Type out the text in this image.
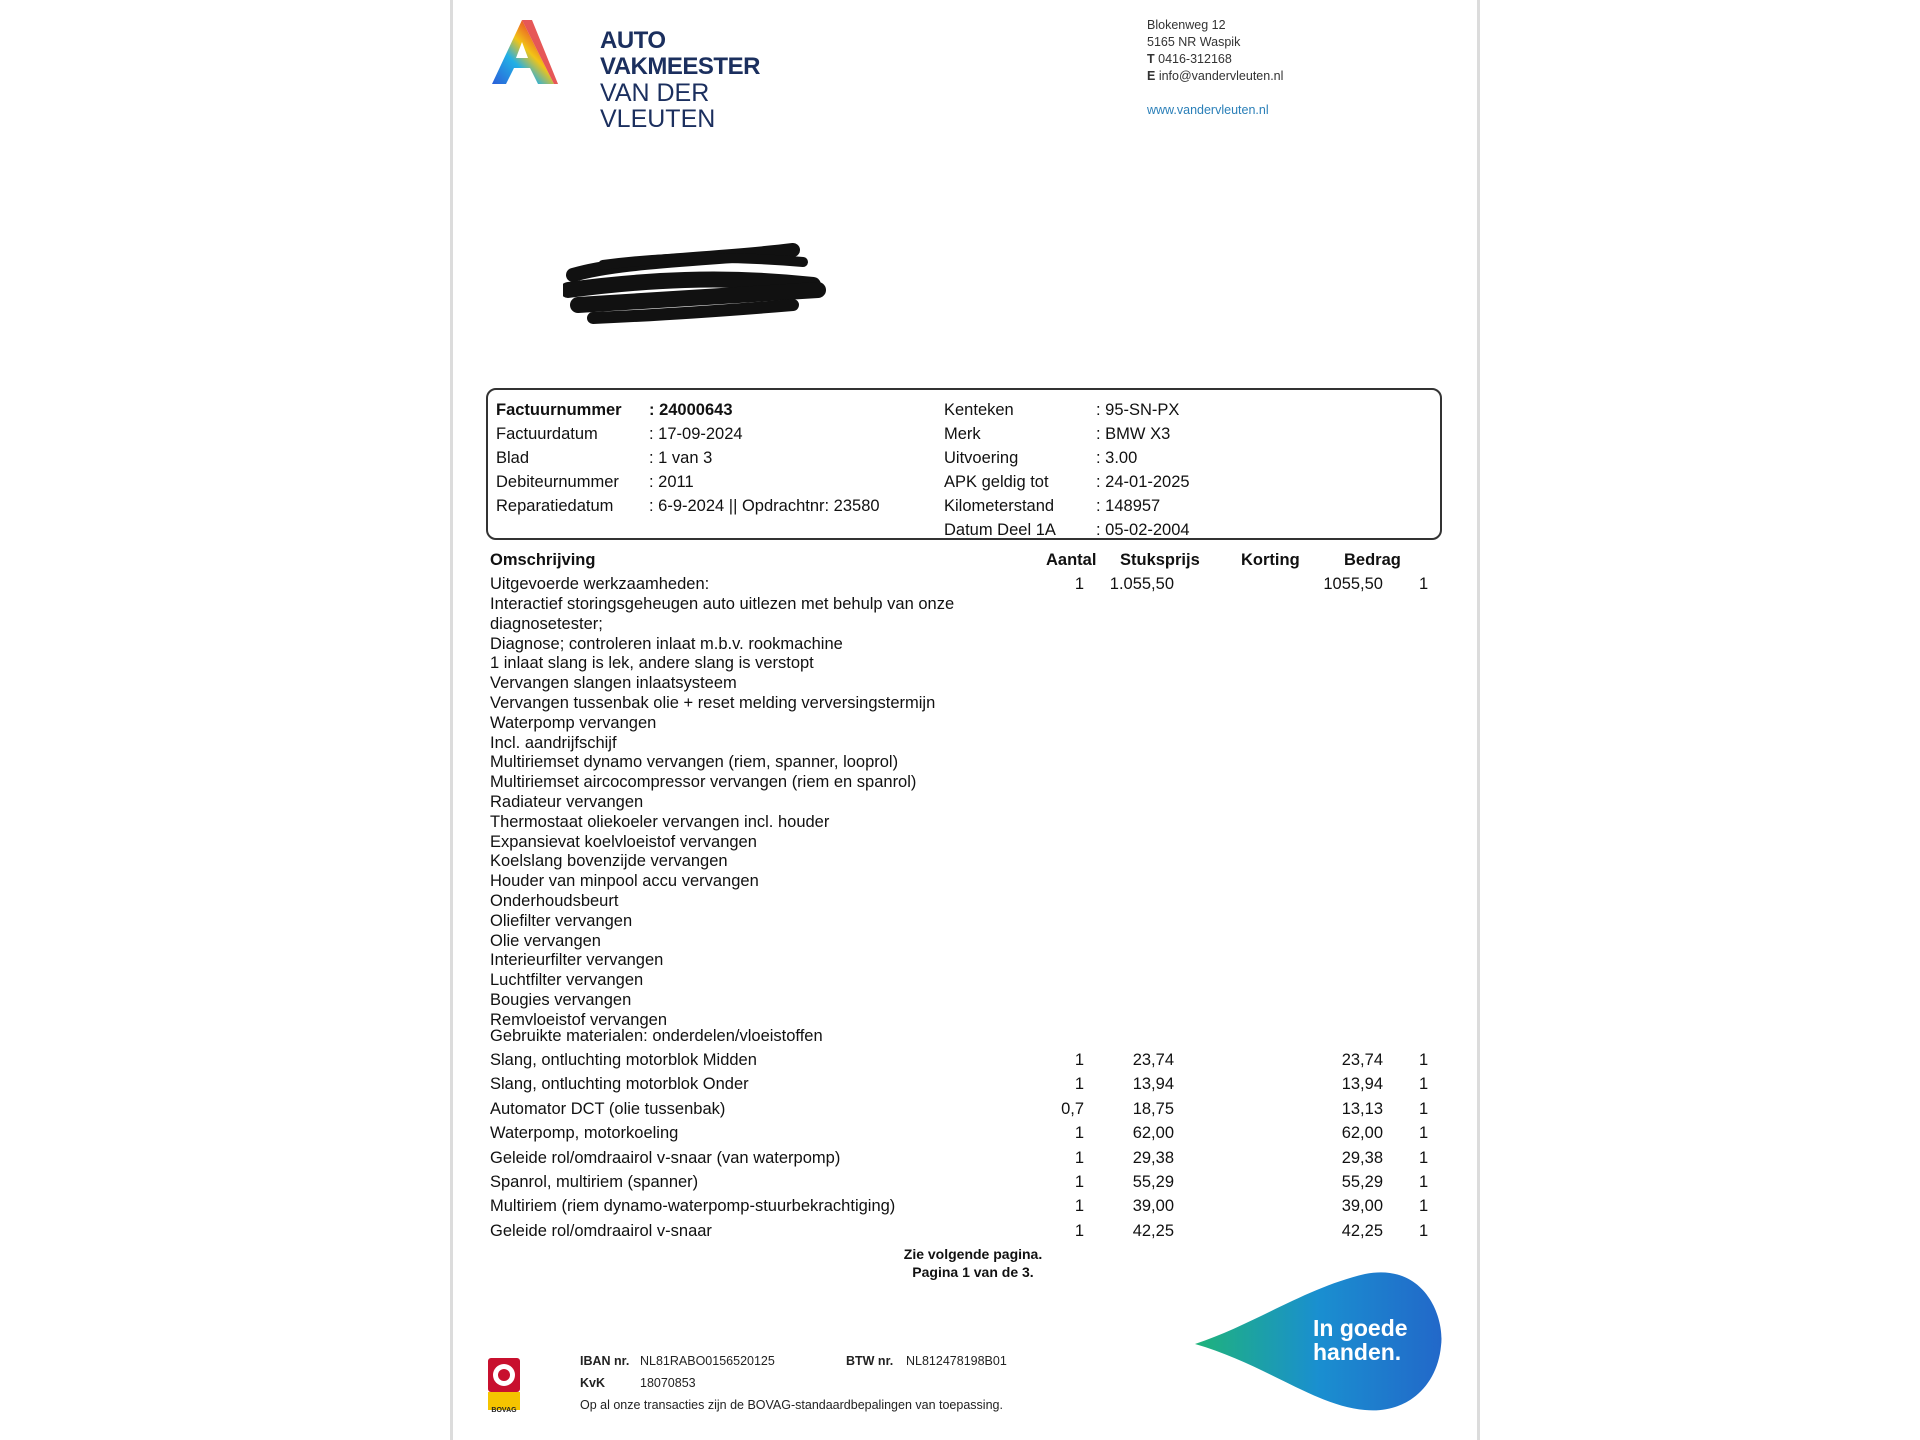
AUTO
VAKMEESTER
VAN DER VLEUTEN
Blokenweg 12
5165 NR Waspik
T 0416-312168
E info@vandervleuten.nl
www.vandervleuten.nl
Factuurnummer : 24000643
Factuurdatum	: 17-09-2024
Blad	: 1 van 3
Debiteurnummer : 2011
Reparatiedatum : 6-9-2024 || Opdrachtnr: 23580
Kenteken	: 95-SN-PX
Merk	: BMW X3
Uitvoering	: 3.00
APK geldig tot	: 24-01-2025
Kilometerstand	: 148957
Datum Deel 1A : 05-02-2004
Omschrijving	Aantal Stuksprijs Korting	Bedrag
Uitgevoerde werkzaamheden:	1 1.055,50	1055,50 1
Interactief storingsgeheugen auto uitlezen met behulp van onze
diagnosetester;
Diagnose; controleren inlaat m.b.v. rookmachine
1 inlaat slang is lek, andere slang is verstopt
Vervangen slangen inlaatsysteem
Vervangen tussenbak olie + reset melding verversingstermijn
Waterpomp vervangen
Incl. aandrijfschijf
Multiriemset dynamo vervangen (riem, spanner, looprol)
Multiriemset aircocompressor vervangen (riem en spanrol)
Radiateur vervangen
Thermostaat oliekoeler vervangen incl. houder
Expansievat koelvloeistof vervangen
Koelslang bovenzijde vervangen
Houder van minpool accu vervangen
Onderhoudsbeurt
Oliefilter vervangen
Olie vervangen
Interieurfilter vervangen
Luchtfilter vervangen
Bougies vervangen
Remvloeistof vervangen
Gebruikte materialen: onderdelen/vloeistoffen
Slang, ontluchting motorblok Midden	1	23,74	23,74 1
Slang, ontluchting motorblok Onder	1	13,94	13,94 1
Automator DCT (olie tussenbak)	0,7	18,75	13,13 1
Waterpomp, motorkoeling	1	62,00	62,00 1
Geleide rol/omdraairol v-snaar (van waterpomp)	1	29,38	29,38 1
Spanrol, multiriem (spanner)	1	55,29	55,29 1
Multiriem (riem dynamo-waterpomp-stuurbekrachtiging)	1	39,00	39,00 1
Geleide rol/omdraairol v-snaar	1	42,25	42,25 1
Zie volgende pagina.
Pagina 1 van de 3.
BOVAG
IBAN nr. NL81RABO0156520125	BTW nr. NL812478198B01
KvK	18070853
Op al onze transacties zijn de BOVAG-standaardbepalingen van toepassing.
In goede
handen.
